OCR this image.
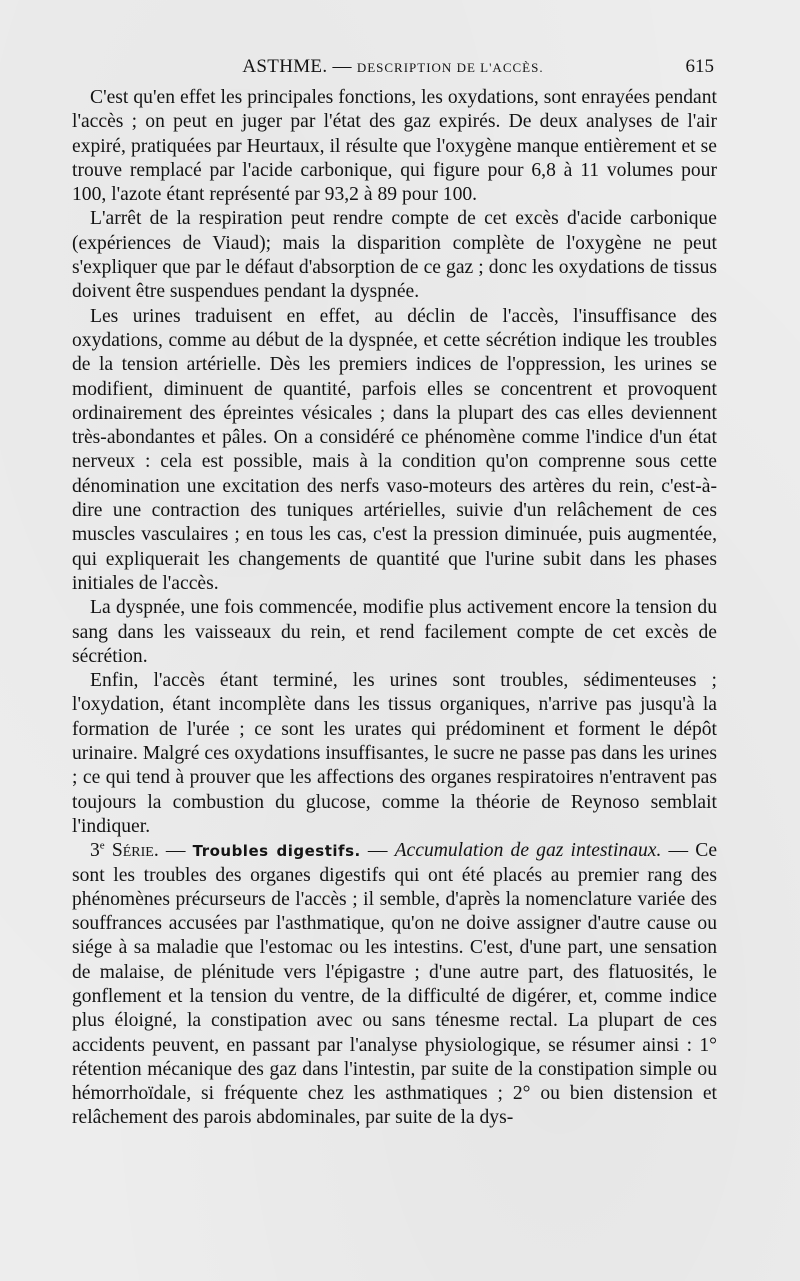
ASTHME. — DESCRIPTION DE L'ACCÈS.	615

C'est qu'en effet les principales fonctions, les oxydations, sont enrayées pendant l'accès ; on peut en juger par l'état des gaz expirés. De deux analyses de l'air expiré, pratiquées par Heurtaux, il résulte que l'oxygène manque entièrement et se trouve remplacé par l'acide carbonique, qui figure pour 6,8 à 11 volumes pour 100, l'azote étant représenté par 93,2 à 89 pour 100.

L'arrêt de la respiration peut rendre compte de cet excès d'acide carbonique (expériences de Viaud); mais la disparition complète de l'oxygène ne peut s'expliquer que par le défaut d'absorption de ce gaz ; donc les oxydations de tissus doivent être suspendues pendant la dyspnée.

Les urines traduisent en effet, au déclin de l'accès, l'insuffisance des oxydations, comme au début de la dyspnée, et cette sécrétion indique les troubles de la tension artérielle. Dès les premiers indices de l'oppression, les urines se modifient, diminuent de quantité, parfois elles se concentrent et provoquent ordinairement des épreintes vésicales ; dans la plupart des cas elles deviennent très-abondantes et pâles. On a considéré ce phénomène comme l'indice d'un état nerveux : cela est possible, mais à la condition qu'on comprenne sous cette dénomination une excitation des nerfs vaso-moteurs des artères du rein, c'est-à-dire une contraction des tuniques artérielles, suivie d'un relâchement de ces muscles vasculaires ; en tous les cas, c'est la pression diminuée, puis augmentée, qui expliquerait les changements de quantité que l'urine subit dans les phases initiales de l'accès.

La dyspnée, une fois commencée, modifie plus activement encore la tension du sang dans les vaisseaux du rein, et rend facilement compte de cet excès de sécrétion.

Enfin, l'accès étant terminé, les urines sont troubles, sédimenteuses ; l'oxydation, étant incomplète dans les tissus organiques, n'arrive pas jusqu'à la formation de l'urée ; ce sont les urates qui prédominent et forment le dépôt urinaire. Malgré ces oxydations insuffisantes, le sucre ne passe pas dans les urines ; ce qui tend à prouver que les affections des organes respiratoires n'entravent pas toujours la combustion du glucose, comme la théorie de Reynoso semblait l'indiquer.

3e Série. — Troubles digestifs. — Accumulation de gaz intestinaux. — Ce sont les troubles des organes digestifs qui ont été placés au premier rang des phénomènes précurseurs de l'accès ; il semble, d'après la nomenclature variée des souffrances accusées par l'asthmatique, qu'on ne doive assigner d'autre cause ou siége à sa maladie que l'estomac ou les intestins. C'est, d'une part, une sensation de malaise, de plénitude vers l'épigastre ; d'une autre part, des flatuosités, le gonflement et la tension du ventre, de la difficulté de digérer, et, comme indice plus éloigné, la constipation avec ou sans ténesme rectal. La plupart de ces accidents peuvent, en passant par l'analyse physiologique, se résumer ainsi : 1° rétention mécanique des gaz dans l'intestin, par suite de la constipation simple ou hémorrhoïdale, si fréquente chez les asthmatiques ; 2° ou bien distension et relâchement des parois abdominales, par suite de la dys-
